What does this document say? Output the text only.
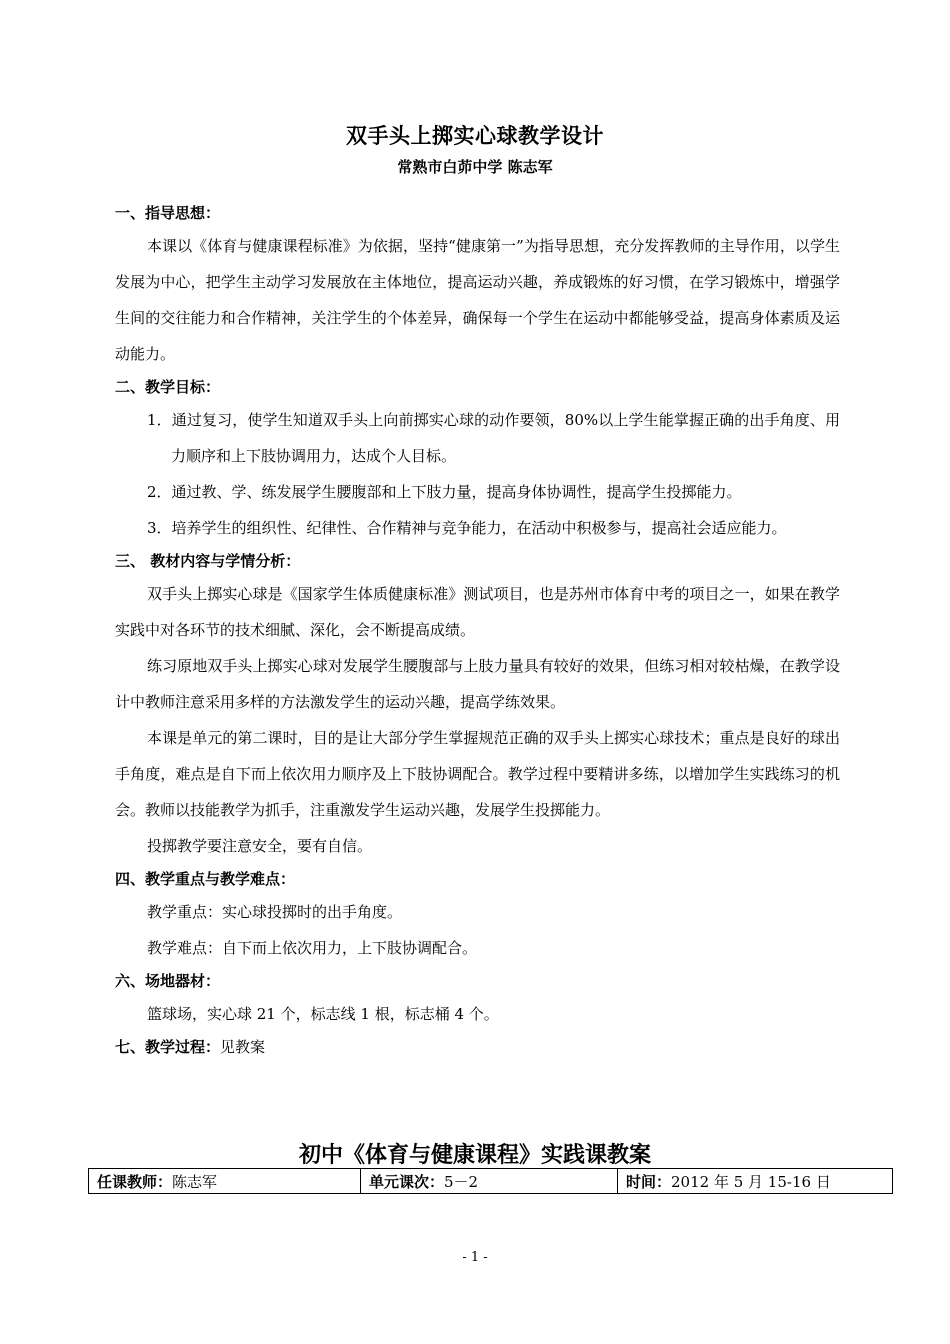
双手头上掷实心球教学设计
常熟市白茆中学 陈志军
一、指导思想：

本课以《体育与健康课程标准》为依据，坚持“健康第一”为指导思想，充分发挥教师的主导作用，以学生发展为中心，把学生主动学习发展放在主体地位，提高运动兴趣，养成锻炼的好习惯，在学习锻炼中，增强学生间的交往能力和合作精神，关注学生的个体差异，确保每一个学生在运动中都能够受益，提高身体素质及运动能力。

二、教学目标：

1．通过复习，使学生知道双手头上向前掷实心球的动作要领，80%以上学生能掌握正确的出手角度、用力顺序和上下肢协调用力，达成个人目标。

2．通过教、学、练发展学生腰腹部和上下肢力量，提高身体协调性，提高学生投掷能力。

3．培养学生的组织性、纪律性、合作精神与竞争能力，在活动中积极参与，提高社会适应能力。

三、 教材内容与学情分析：

双手头上掷实心球是《国家学生体质健康标准》测试项目，也是苏州市体育中考的项目之一，如果在教学实践中对各环节的技术细腻、深化，会不断提高成绩。

练习原地双手头上掷实心球对发展学生腰腹部与上肢力量具有较好的效果，但练习相对较枯燥，在教学设计中教师注意采用多样的方法激发学生的运动兴趣，提高学练效果。

本课是单元的第二课时，目的是让大部分学生掌握规范正确的双手头上掷实心球技术；重点是良好的球出手角度，难点是自下而上依次用力顺序及上下肢协调配合。教学过程中要精讲多练，以增加学生实践练习的机会。教师以技能教学为抓手，注重激发学生运动兴趣，发展学生投掷能力。

投掷教学要注意安全，要有自信。

四、教学重点与教学难点：

教学重点：实心球投掷时的出手角度。

教学难点：自下而上依次用力，上下肢协调配合。

六、场地器材：

篮球场，实心球 21 个，标志线 1 根，标志桶 4 个。

七、教学过程：见教案
初中《体育与健康课程》实践课教案
任课教师：陈志军	单元课次：5－2	时间：2012 年 5 月 15-16 日
- 1 -
